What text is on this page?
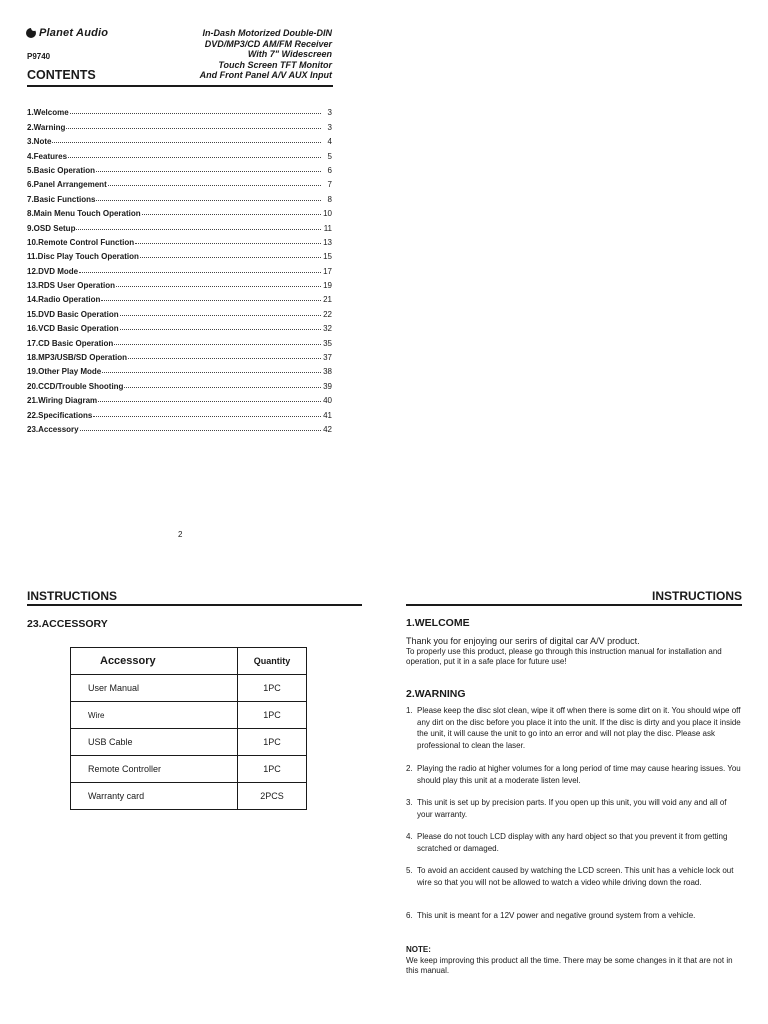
Planet Audio
P9740
CONTENTS
In-Dash Motorized Double-DIN
DVD/MP3/CD AM/FM Receiver
With 7" Widescreen
Touch Screen TFT Monitor
And Front Panel A/V AUX Input
1.Welcome	3
2.Warning	3
3.Note	4
4.Features	5
5.Basic Operation	6
6.Panel Arrangement	7
7.Basic Functions	8
8.Main Menu Touch Operation	10
9.OSD Setup	11
10.Remote Control Function	13
11.Disc Play Touch Operation	15
12.DVD Mode	17
13.RDS User Operation	19
14.Radio Operation	21
15.DVD Basic Operation	22
16.VCD Basic Operation	32
17.CD Basic Operation	35
18.MP3/USB/SD Operation	37
19.Other Play Mode	38
20.CCD/Trouble Shooting	39
21.Wiring Diagram	40
22.Specifications	41
23.Accessory	42
2
INSTRUCTIONS
23.ACCESSORY
Accessory	Quantity
User Manual	1PC
Wire	1PC
USB Cable	1PC
Remote Controller	1PC
Warranty card	2PCS
INSTRUCTIONS
1.WELCOME
Thank you for enjoying our serirs of digital car A/V product.
To properly use this product, please go through this instruction manual for installation and operation, put it in a safe place for future use!
2.WARNING
1. Please keep the disc slot clean, wipe it off when there is some dirt on it. You should wipe off any dirt on the disc before you place it into the unit. If the disc is dirty and you place it inside the unit, it will cause the unit to go into an error and will not play the disc. Please ask professional to clean the laser.
2. Playing the radio at higher volumes for a long period of time may cause hearing issues. You should play this unit at a moderate listen level.
3. This unit is set up by precision parts. If you open up this unit, you will void any and all of your warranty.
4. Please do not touch LCD display with any hard object so that you prevent it from getting scratched or damaged.
5. To avoid an accident caused by watching the LCD screen. This unit has a vehicle lock out wire so that you will not be allowed to watch a video while driving down the road.
6. This unit is meant for a 12V power and negative ground system from a vehicle.
NOTE:
We keep improving this product all the time. There may be some changes in it that are not in this manual.
